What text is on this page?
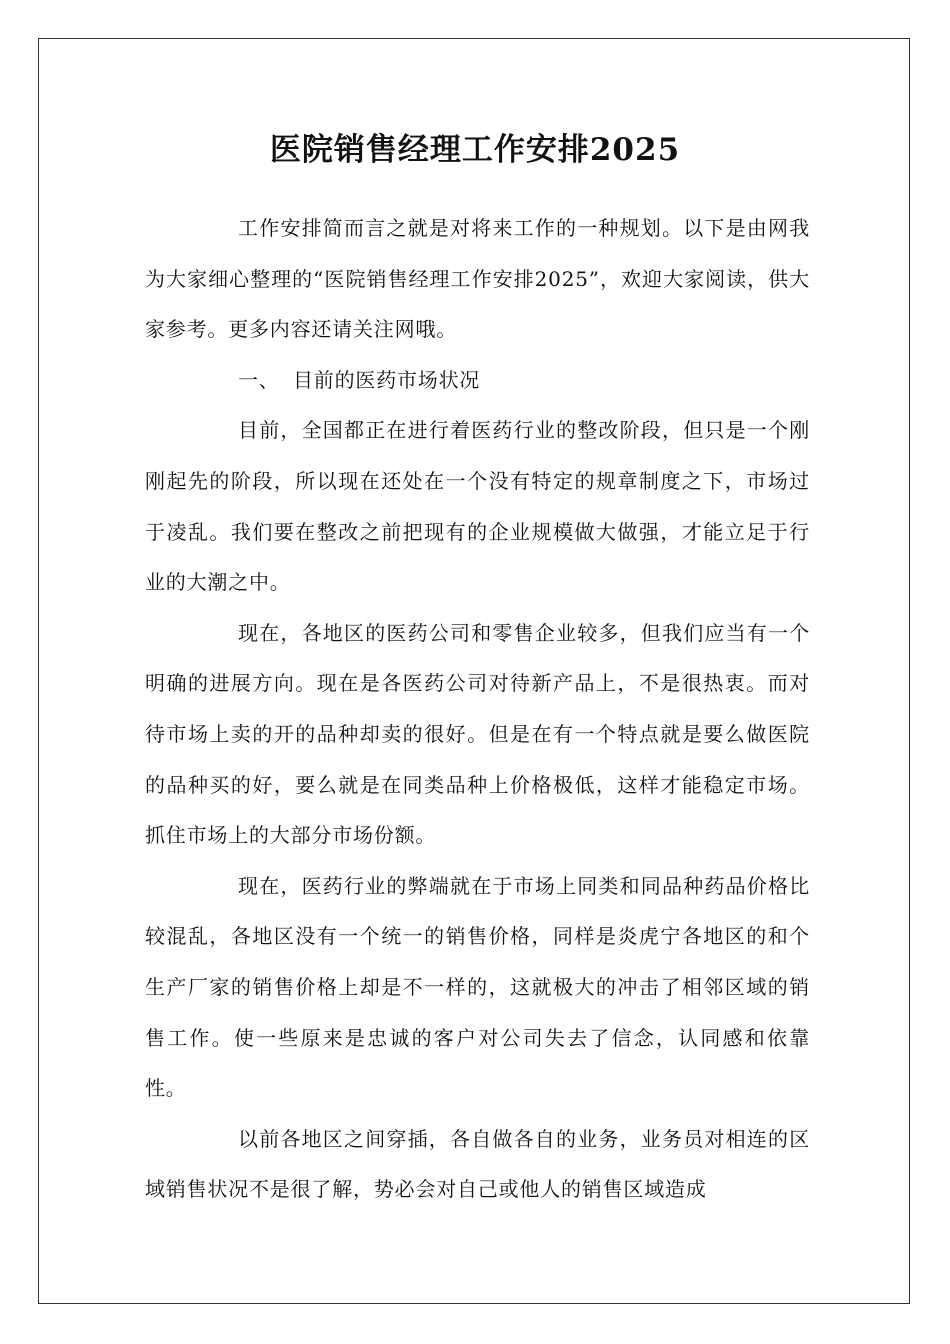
医院销售经理工作安排2025

工作安排简而言之就是对将来工作的一种规划。以下是由网我为大家细心整理的“医院销售经理工作安排2025”，欢迎大家阅读，供大家参考。更多内容还请关注网哦。

一、 目前的医药市场状况

目前，全国都正在进行着医药行业的整改阶段，但只是一个刚刚起先的阶段，所以现在还处在一个没有特定的规章制度之下，市场过于凌乱。我们要在整改之前把现有的企业规模做大做强，才能立足于行业的大潮之中。

现在，各地区的医药公司和零售企业较多，但我们应当有一个明确的进展方向。现在是各医药公司对待新产品上，不是很热衷。而对待市场上卖的开的品种却卖的很好。但是在有一个特点就是要么做医院的品种买的好，要么就是在同类品种上价格极低，这样才能稳定市场。抓住市场上的大部分市场份额。

现在，医药行业的弊端就在于市场上同类和同品种药品价格比较混乱，各地区没有一个统一的销售价格，同样是炎虎宁各地区的和个生产厂家的销售价格上却是不一样的，这就极大的冲击了相邻区域的销售工作。使一些原来是忠诚的客户对公司失去了信念，认同感和依靠性。

以前各地区之间穿插，各自做各自的业务，业务员对相连的区域销售状况不是很了解，势必会对自己或他人的销售区域造成
